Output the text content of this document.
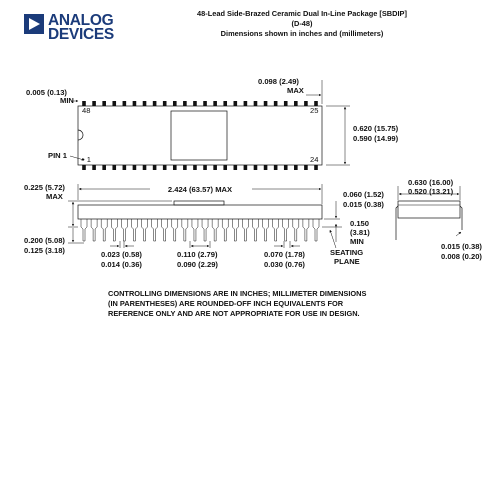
ANALOG
DEVICES
48-Lead Side-Brazed Ceramic Dual In-Line Package [SBDIP]
(D-48)
Dimensions shown in inches and (millimeters)
48	25
• 1	24
PIN 1
0.005 (0.13)
MIN
0.098 (2.49)
MAX
0.620 (15.75)
0.590 (14.99)
0.225 (5.72)
MAX
2.424 (63.57) MAX
0.060 (1.52)
0.015 (0.38)
0.150
(3.81)
MIN
SEATING
PLANE
0.200 (5.08)
0.125 (3.18)	0.023 (0.58)
0.014 (0.36)
0.110 (2.79)
0.090 (2.29)
0.070 (1.78)
0.030 (0.76)
0.630 (16.00)
0.520 (13.21)
0.015 (0.38)
0.008 (0.20)
CONTROLLING DIMENSIONS ARE IN INCHES; MILLIMETER DIMENSIONS
(IN PARENTHESES) ARE ROUNDED-OFF INCH EQUIVALENTS FOR
REFERENCE ONLY AND ARE NOT APPROPRIATE FOR USE IN DESIGN.
